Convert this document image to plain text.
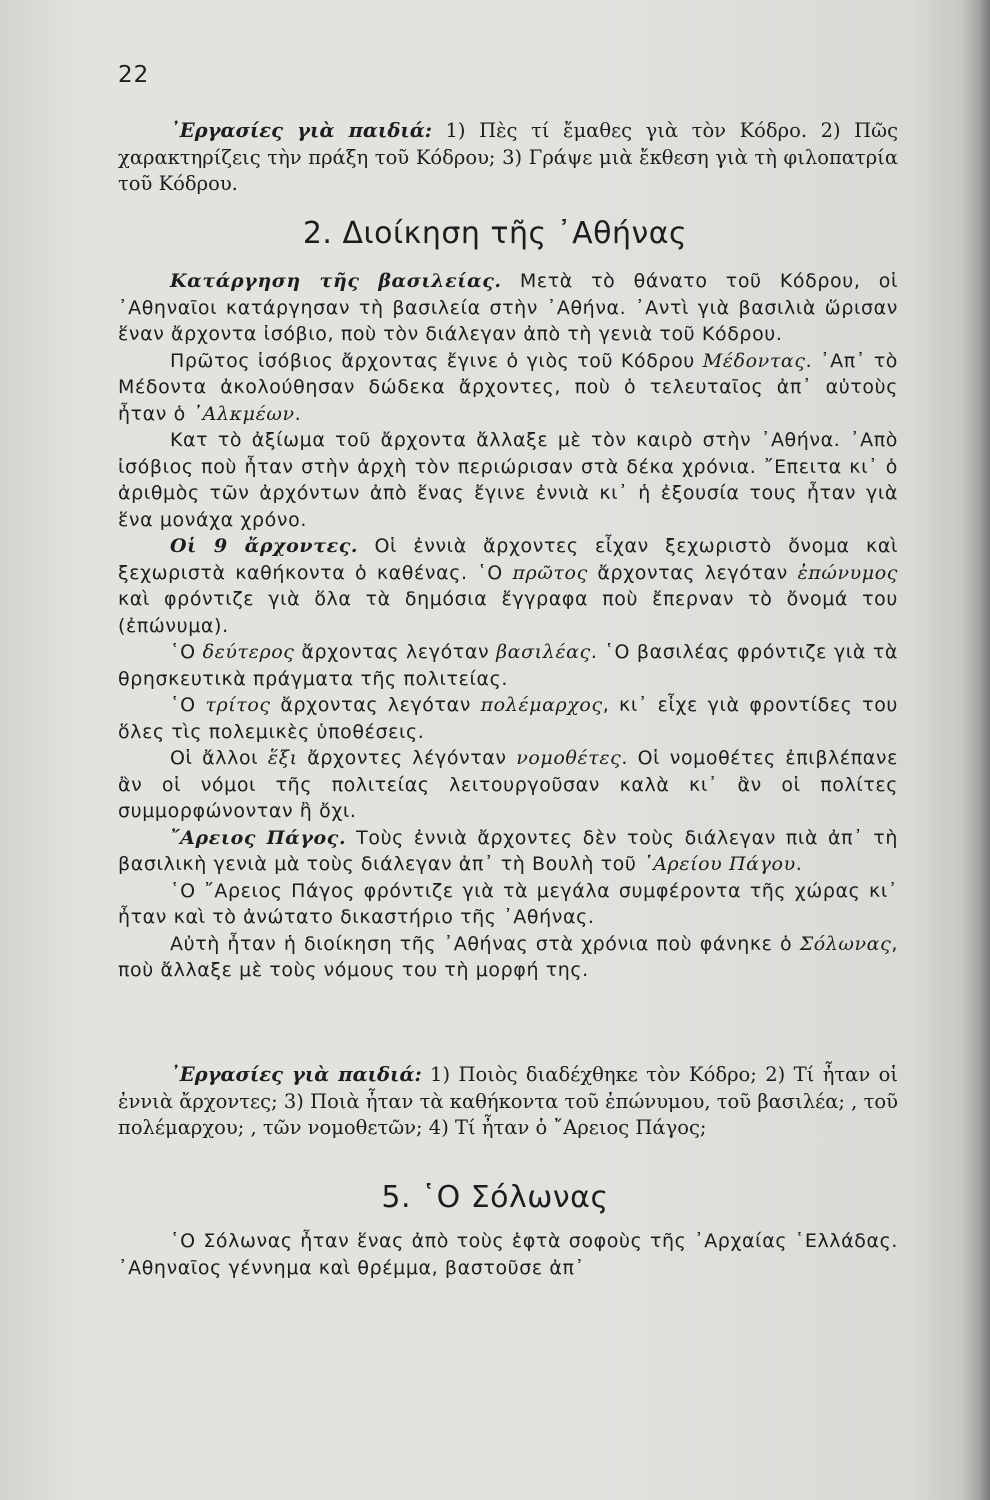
22

᾿Εργασίες γιὰ παιδιά: 1) Πὲς τί ἔμαθες γιὰ τὸν Κόδρο. 2) Πῶς χαρακτηρίζεις τὴν πράξη τοῦ Κόδρου; 3) Γράψε μιὰ ἔκθεση γιὰ τὴ φιλοπατρία τοῦ Κόδρου.

2. Διοίκηση τῆς ᾿Αθήνας

Κατάργηση τῆς βασιλείας. Μετὰ τὸ θάνατο τοῦ Κόδρου, οἱ ᾿Αθηναῖοι κατάργησαν τὴ βασιλεία στὴν ᾿Αθήνα. ᾿Αντὶ γιὰ βασιλιὰ ὥρισαν ἕναν ἄρχοντα ἰσόβιο, ποὺ τὸν διάλεγαν ἀπὸ τὴ γενιὰ τοῦ Κόδρου.

Πρῶτος ἰσόβιος ἄρχοντας ἔγινε ὁ γιὸς τοῦ Κόδρου Μέδοντας. ᾿Απ᾿ τὸ Μέδοντα ἀκολούθησαν δώδεκα ἄρχοντες, ποὺ ὁ τελευταῖος ἀπ᾿ αὐτοὺς ἦταν ὁ ᾿Αλκμέων.

Κατ τὸ ἀξίωμα τοῦ ἄρχοντα ἄλλαξε μὲ τὸν καιρὸ στὴν ᾿Αθήνα. ᾿Απὸ ἰσόβιος ποὺ ἦταν στὴν ἀρχὴ τὸν περιώρισαν στὰ δέκα χρόνια. ῎Επειτα κι᾿ ὁ ἀριθμὸς τῶν ἀρχόντων ἀπὸ ἕνας ἔγινε ἐννιὰ κι᾿ ἡ ἐξουσία τους ἦταν γιὰ ἕνα μονάχα χρόνο.

Οἱ 9 ἄρχοντες. Οἱ ἐννιὰ ἄρχοντες εἶχαν ξεχωριστὸ ὄνομα καὶ ξεχωριστὰ καθήκοντα ὁ καθένας. ῾Ο πρῶτος ἄρχοντας λεγόταν ἐπώνυμος καὶ φρόντιζε γιὰ ὅλα τὰ δημόσια ἔγγραφα ποὺ ἔπερναν τὸ ὄνομά του (ἐπώνυμα).

῾Ο δεύτερος ἄρχοντας λεγόταν βασιλέας. ῾Ο βασιλέας φρόντιζε γιὰ τὰ θρησκευτικὰ πράγματα τῆς πολιτείας.

῾Ο τρίτος ἄρχοντας λεγόταν πολέμαρχος, κι᾿ εἶχε γιὰ φροντίδες του ὅλες τὶς πολεμικὲς ὑποθέσεις.

Οἱ ἄλλοι ἕξι ἄρχοντες λέγόνταν νομοθέτες. Οἱ νομοθέτες ἐπιβλέπανε ἂν οἱ νόμοι τῆς πολιτείας λειτουργοῦσαν καλὰ κι᾿ ἂν οἱ πολίτες συμμορφώνονταν ἢ ὄχι.

῎Αρειος Πάγος. Τοὺς ἐννιὰ ἄρχοντες δὲν τοὺς διάλεγαν πιὰ ἀπ᾿ τὴ βασιλικὴ γενιὰ μὰ τοὺς διάλεγαν ἀπ᾿ τὴ Βουλὴ τοῦ ᾿Αρείου Πάγου.

῾Ο ῎Αρειος Πάγος φρόντιζε γιὰ τὰ μεγάλα συμφέροντα τῆς χώρας κι᾿ ἦταν καὶ τὸ ἀνώτατο δικαστήριο τῆς ᾿Αθήνας.

Αὐτὴ ἦταν ἡ διοίκηση τῆς ᾿Αθήνας στὰ χρόνια ποὺ φάνηκε ὁ Σόλωνας, ποὺ ἄλλαξε μὲ τοὺς νόμους του τὴ μορφή της.

᾿Εργασίες γιὰ παιδιά: 1) Ποιὸς διαδέχθηκε τὸν Κόδρο; 2) Τί ἦταν οἱ ἐννιὰ ἄρχοντες; 3) Ποιὰ ἦταν τὰ καθήκοντα τοῦ ἐπώνυμου, τοῦ βασιλέα; , τοῦ πολέμαρχου; , τῶν νομοθετῶν; 4) Τί ἦταν ὁ ῎Αρειος Πάγος;

5. ῾Ο Σόλωνας

῾Ο Σόλωνας ἦταν ἕνας ἀπὸ τοὺς ἑφτὰ σοφοὺς τῆς ᾿Αρχαίας ῾Ελλάδας. ᾿Αθηναῖος γέννημα καὶ θρέμμα, βαστοῦσε ἀπ᾿
